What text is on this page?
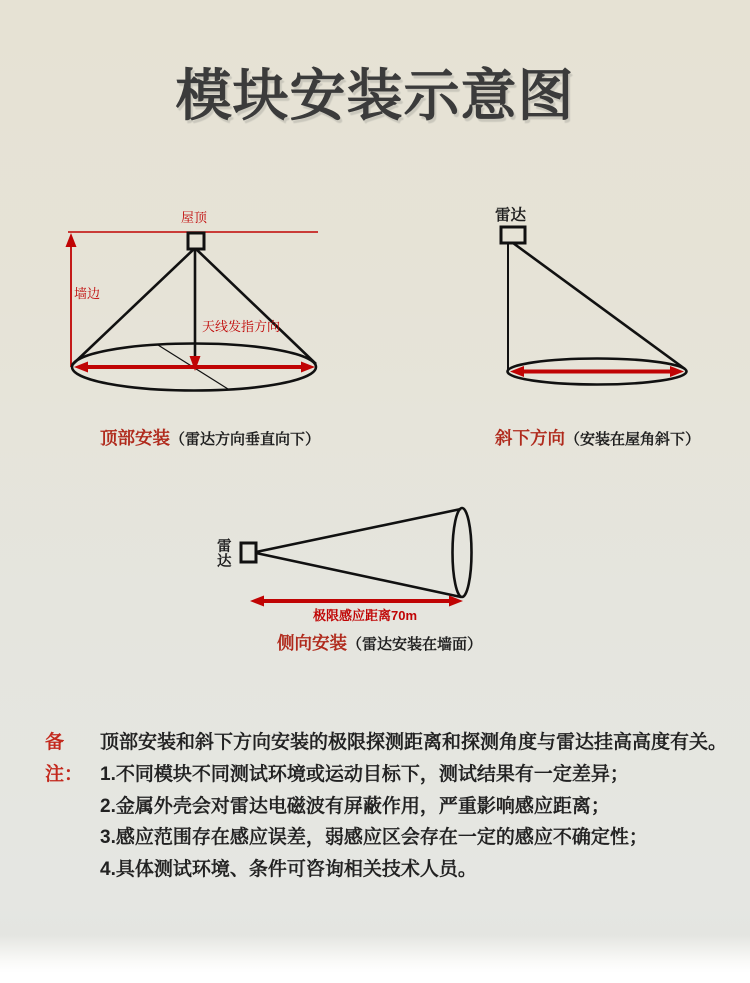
模块安装示意图
屋顶
墙边
天线发指方向
顶部安装（雷达方向垂直向下）
雷达
斜下方向（安装在屋角斜下）
雷
达
极限感应距离70m
侧向安装（雷达安装在墙面）
备注：
顶部安装和斜下方向安装的极限探测距离和探测角度与雷达挂高高度有关。
1.不同模块不同测试环境或运动目标下，测试结果有一定差异；
2.金属外壳会对雷达电磁波有屏蔽作用，严重影响感应距离；
3.感应范围存在感应误差，弱感应区会存在一定的感应不确定性；
4.具体测试环境、条件可咨询相关技术人员。
